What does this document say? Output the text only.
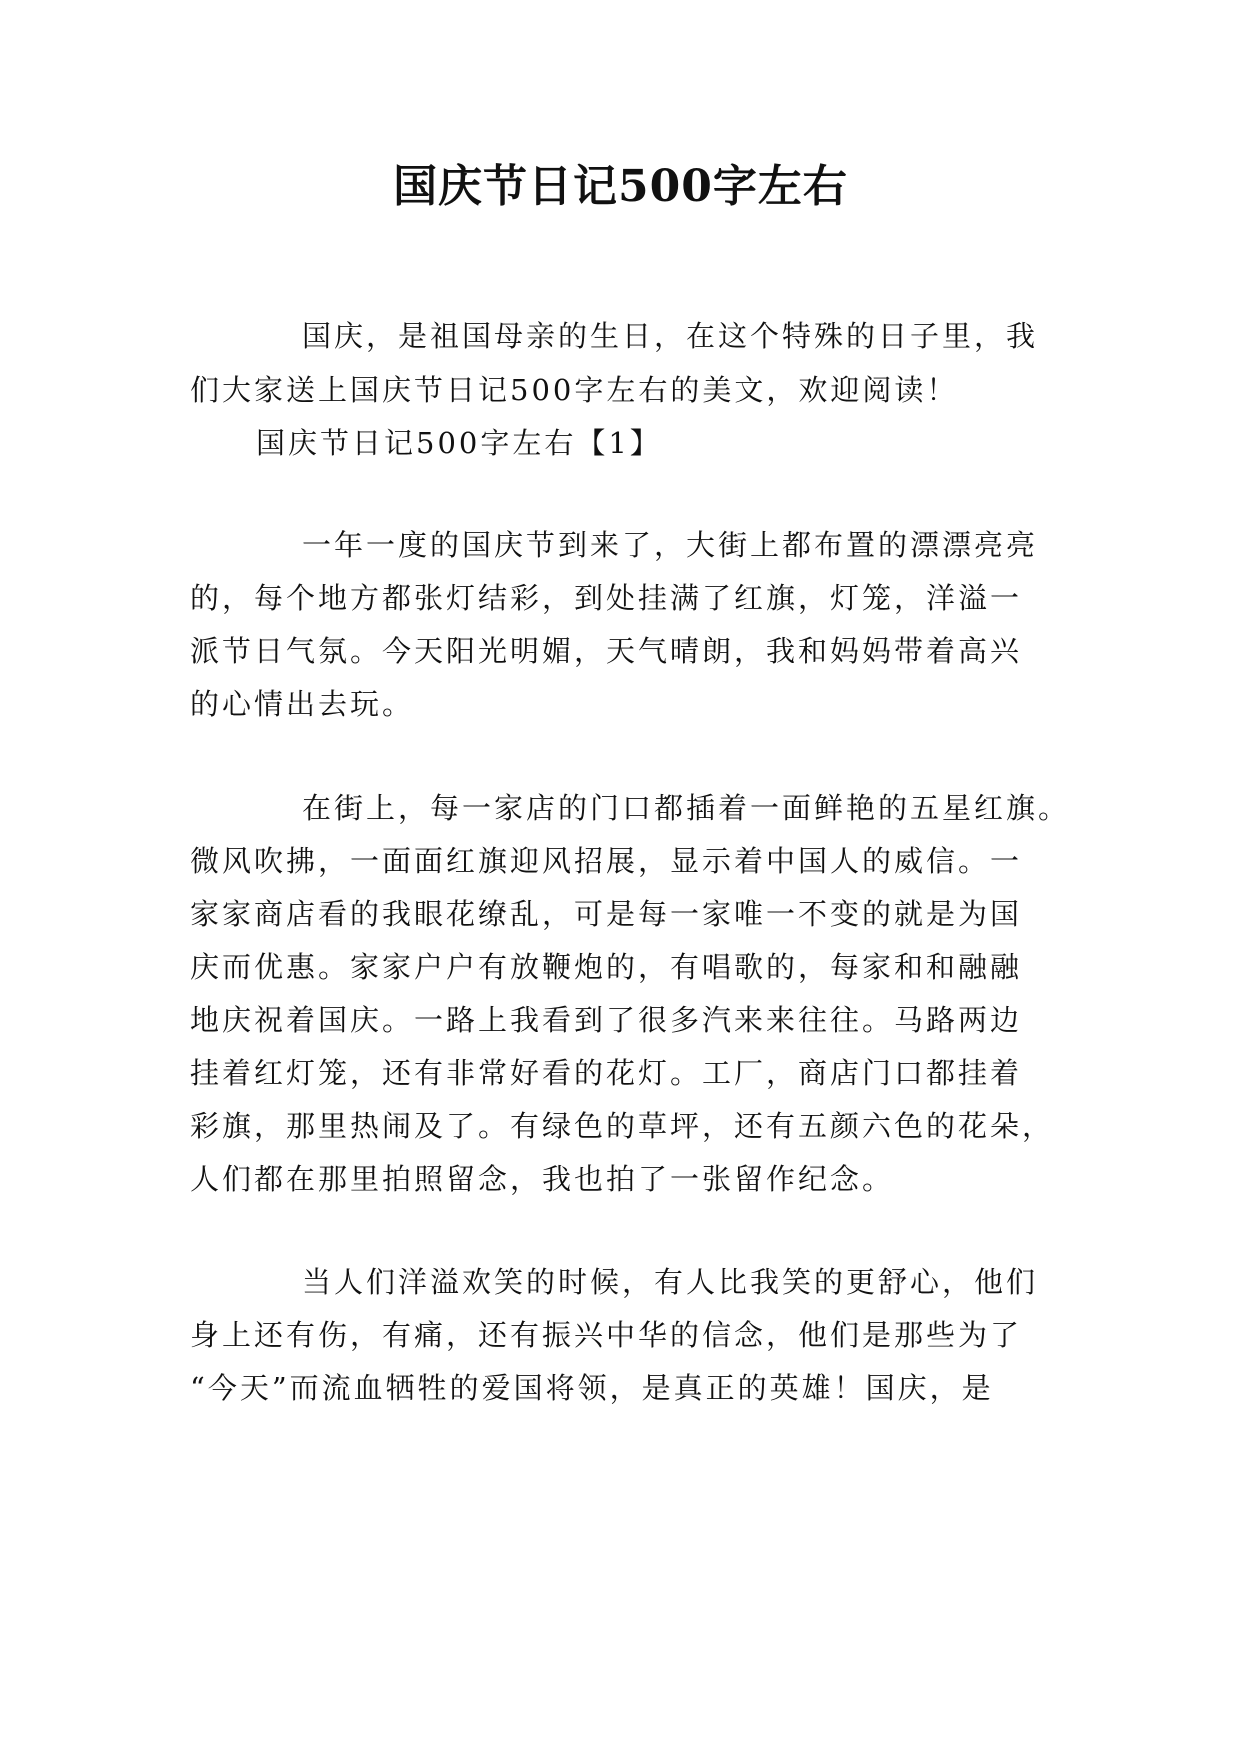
国庆节日记500字左右
国庆，是祖国母亲的生日，在这个特殊的日子里，我
们大家送上国庆节日记500字左右的美文，欢迎阅读！
国庆节日记500字左右【1】
一年一度的国庆节到来了，大街上都布置的漂漂亮亮
的，每个地方都张灯结彩，到处挂满了红旗，灯笼，洋溢一
派节日气氛。今天阳光明媚，天气晴朗，我和妈妈带着高兴
的心情出去玩。
在街上，每一家店的门口都插着一面鲜艳的五星红旗。
微风吹拂，一面面红旗迎风招展，显示着中国人的威信。一
家家商店看的我眼花缭乱，可是每一家唯一不变的就是为国
庆而优惠。家家户户有放鞭炮的，有唱歌的，每家和和融融
地庆祝着国庆。一路上我看到了很多汽来来往往。马路两边
挂着红灯笼，还有非常好看的花灯。工厂，商店门口都挂着
彩旗，那里热闹及了。有绿色的草坪，还有五颜六色的花朵，
人们都在那里拍照留念，我也拍了一张留作纪念。
当人们洋溢欢笑的时候，有人比我笑的更舒心，他们
身上还有伤，有痛，还有振兴中华的信念，他们是那些为了
“今天”而流血牺牲的爱国将领，是真正的英雄！国庆，是
